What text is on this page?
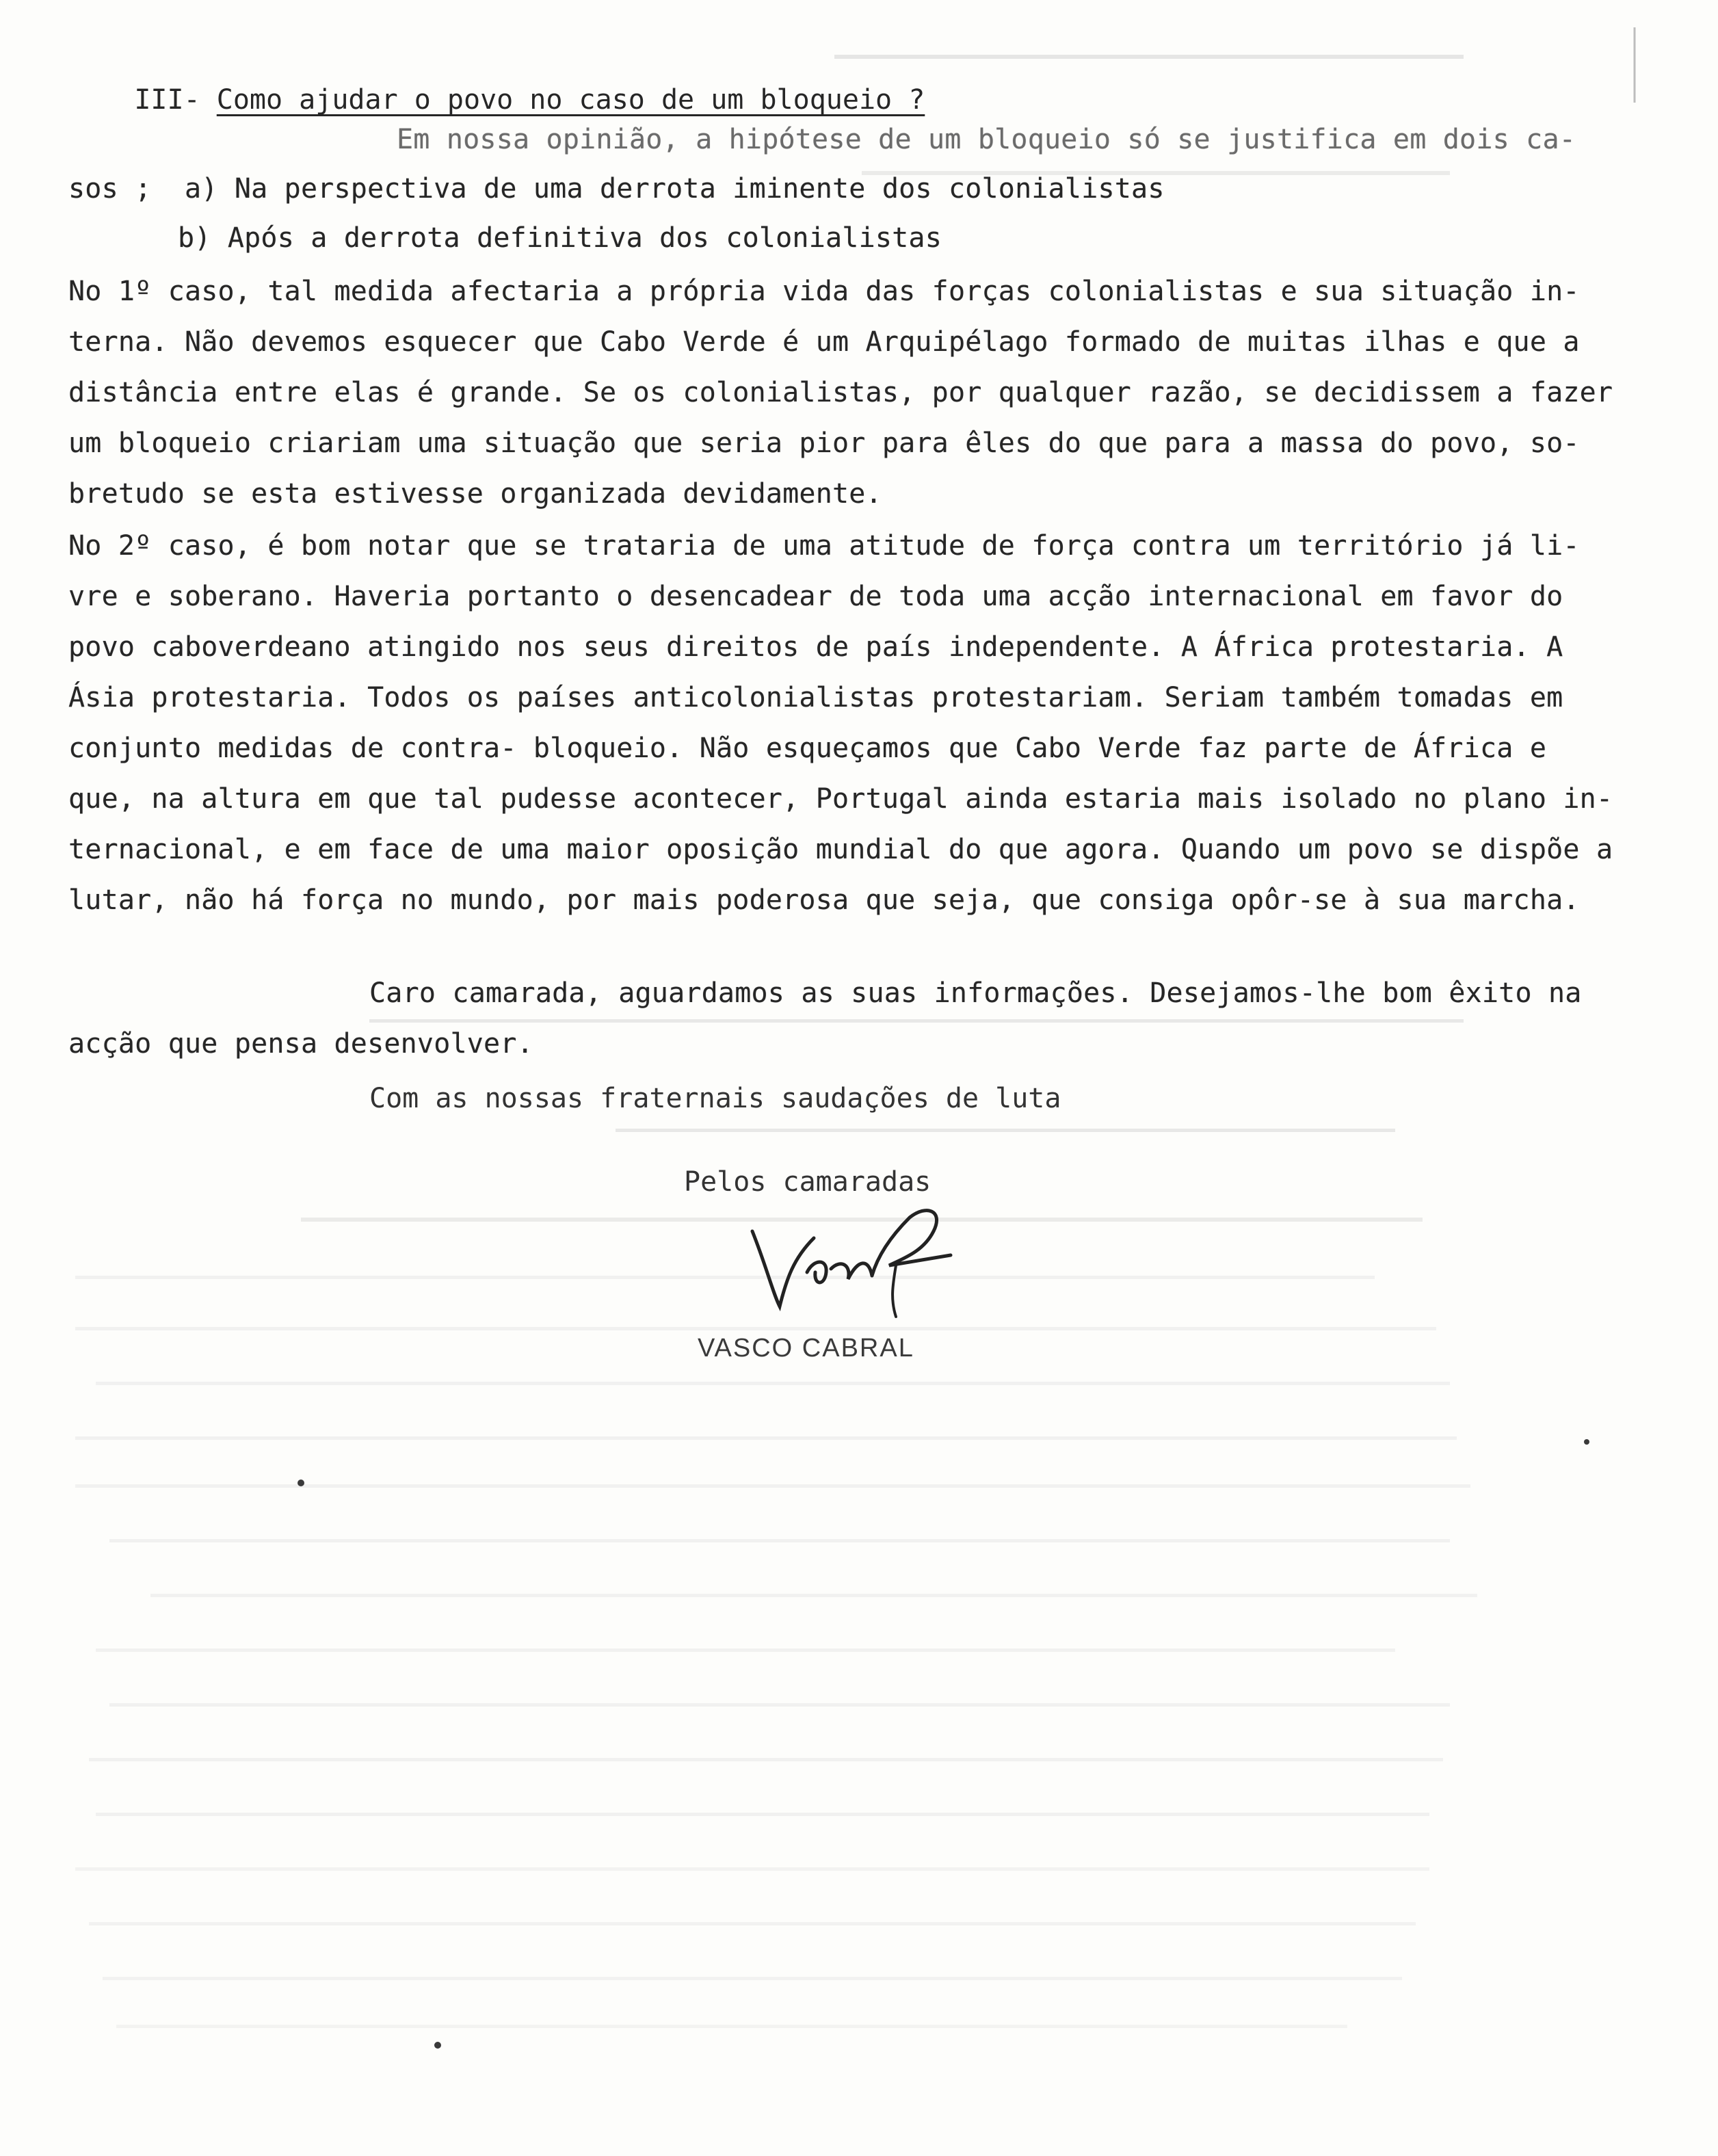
III- Como ajudar o povo no caso de um bloqueio ?

Em nossa opinião, a hipótese de um bloqueio só se justifica em dois ca-
sos ;  a) Na perspectiva de uma derrota iminente dos colonialistas
b) Após a derrota definitiva dos colonialistas
No 1º caso, tal medida afectaria a própria vida das forças colonialistas e sua situação in-
terna. Não devemos esquecer que Cabo Verde é um Arquipélago formado de muitas ilhas e que a
distância entre elas é grande. Se os colonialistas, por qualquer razão, se decidissem a fazer
um bloqueio criariam uma situação que seria pior para êles do que para a massa do povo, so-
bretudo se esta estivesse organizada devidamente.
No 2º caso, é bom notar que se trataria de uma atitude de força contra um território já li-
vre e soberano. Haveria portanto o desencadear de toda uma acção internacional em favor do
povo caboverdeano atingido nos seus direitos de país independente. A África protestaria. A
Ásia protestaria. Todos os países anticolonialistas protestariam. Seriam também tomadas em
conjunto medidas de contra- bloqueio. Não esqueçamos que Cabo Verde faz parte de África e
que, na altura em que tal pudesse acontecer, Portugal ainda estaria mais isolado no plano in-
ternacional, e em face de uma maior oposição mundial do que agora. Quando um povo se dispõe a
lutar, não há força no mundo, por mais poderosa que seja, que consiga opôr-se à sua marcha.
Caro camarada, aguardamos as suas informações. Desejamos-lhe bom êxito na
acção que pensa desenvolver.
Com as nossas fraternais saudações de luta
Pelos camaradas
VASCO CABRAL
